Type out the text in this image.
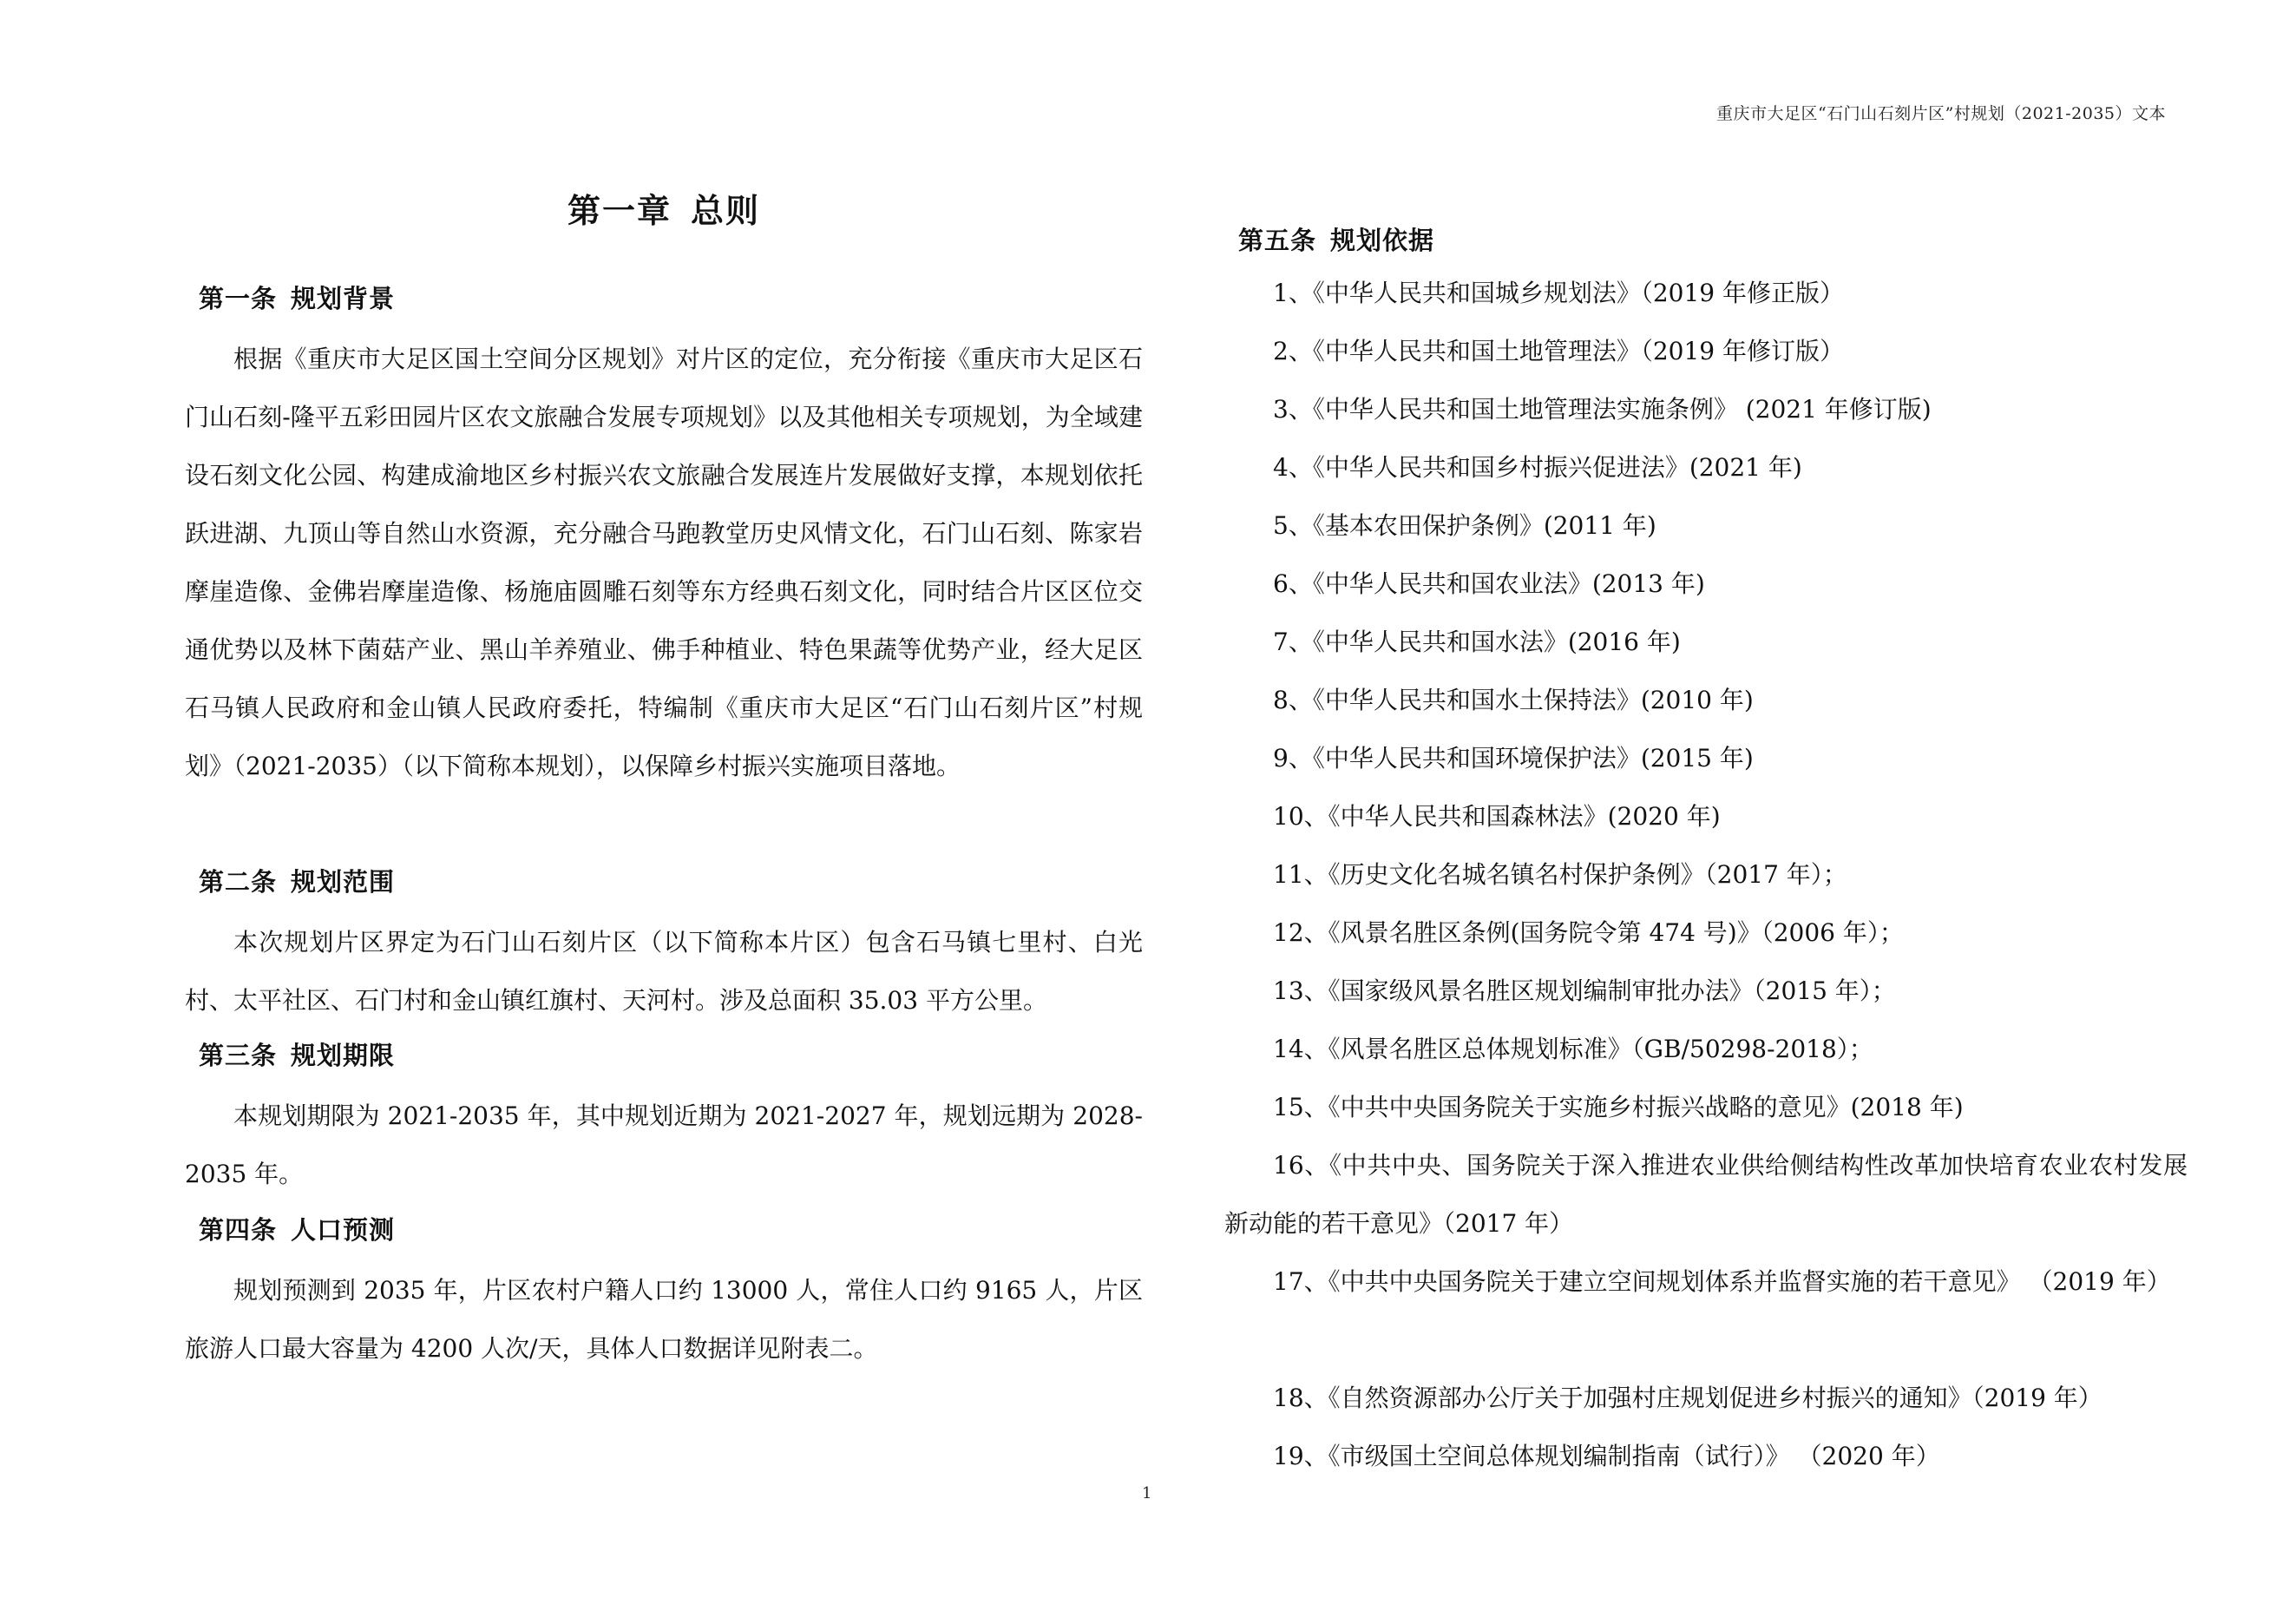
重庆市大足区“石门山石刻片区”村规划（2021-2035）文本
第一章 总则
第一条 规划背景
根据《重庆市大足区国土空间分区规划》对片区的定位，充分衔接《重庆市大足区石门山石刻-隆平五彩田园片区农文旅融合发展专项规划》以及其他相关专项规划，为全域建设石刻文化公园、构建成渝地区乡村振兴农文旅融合发展连片发展做好支撑，本规划依托跃进湖、九顶山等自然山水资源，充分融合马跑教堂历史风情文化，石门山石刻、陈家岩摩崖造像、金佛岩摩崖造像、杨施庙圆雕石刻等东方经典石刻文化，同时结合片区区位交通优势以及林下菌菇产业、黑山羊养殖业、佛手种植业、特色果蔬等优势产业，经大足区石马镇人民政府和金山镇人民政府委托，特编制《重庆市大足区“石门山石刻片区”村规划》（2021-2035）（以下简称本规划），以保障乡村振兴实施项目落地。
第二条 规划范围
本次规划片区界定为石门山石刻片区（以下简称本片区）包含石马镇七里村、白光村、太平社区、石门村和金山镇红旗村、天河村。涉及总面积 35.03 平方公里。
第三条 规划期限
本规划期限为 2021-2035 年，其中规划近期为 2021-2027 年，规划远期为 2028-2035 年。
第四条 人口预测
规划预测到 2035 年，片区农村户籍人口约 13000 人，常住人口约 9165 人，片区旅游人口最大容量为 4200 人次/天，具体人口数据详见附表二。
第五条 规划依据
1、《中华人民共和国城乡规划法》（2019 年修正版）
2、《中华人民共和国土地管理法》（2019 年修订版）
3、《中华人民共和国土地管理法实施条例》 (2021 年修订版)
4、《中华人民共和国乡村振兴促进法》(2021 年)
5、《基本农田保护条例》(2011 年)
6、《中华人民共和国农业法》(2013 年)
7、《中华人民共和国水法》(2016 年)
8、《中华人民共和国水土保持法》(2010 年)
9、《中华人民共和国环境保护法》(2015 年)
10、《中华人民共和国森林法》(2020 年)
11、《历史文化名城名镇名村保护条例》（2017 年）；
12、《风景名胜区条例(国务院令第 474 号)》（2006 年）；
13、《国家级风景名胜区规划编制审批办法》（2015 年）；
14、《风景名胜区总体规划标准》（GB/50298-2018）；
15、《中共中央国务院关于实施乡村振兴战略的意见》(2018 年)
16、《中共中央、国务院关于深入推进农业供给侧结构性改革加快培育农业农村发展新动能的若干意见》（2017 年）
17、《中共中央国务院关于建立空间规划体系并监督实施的若干意见》 （2019 年）
18、《自然资源部办公厅关于加强村庄规划促进乡村振兴的通知》（2019 年）
19、《市级国土空间总体规划编制指南（试行）》 （2020 年）
1
